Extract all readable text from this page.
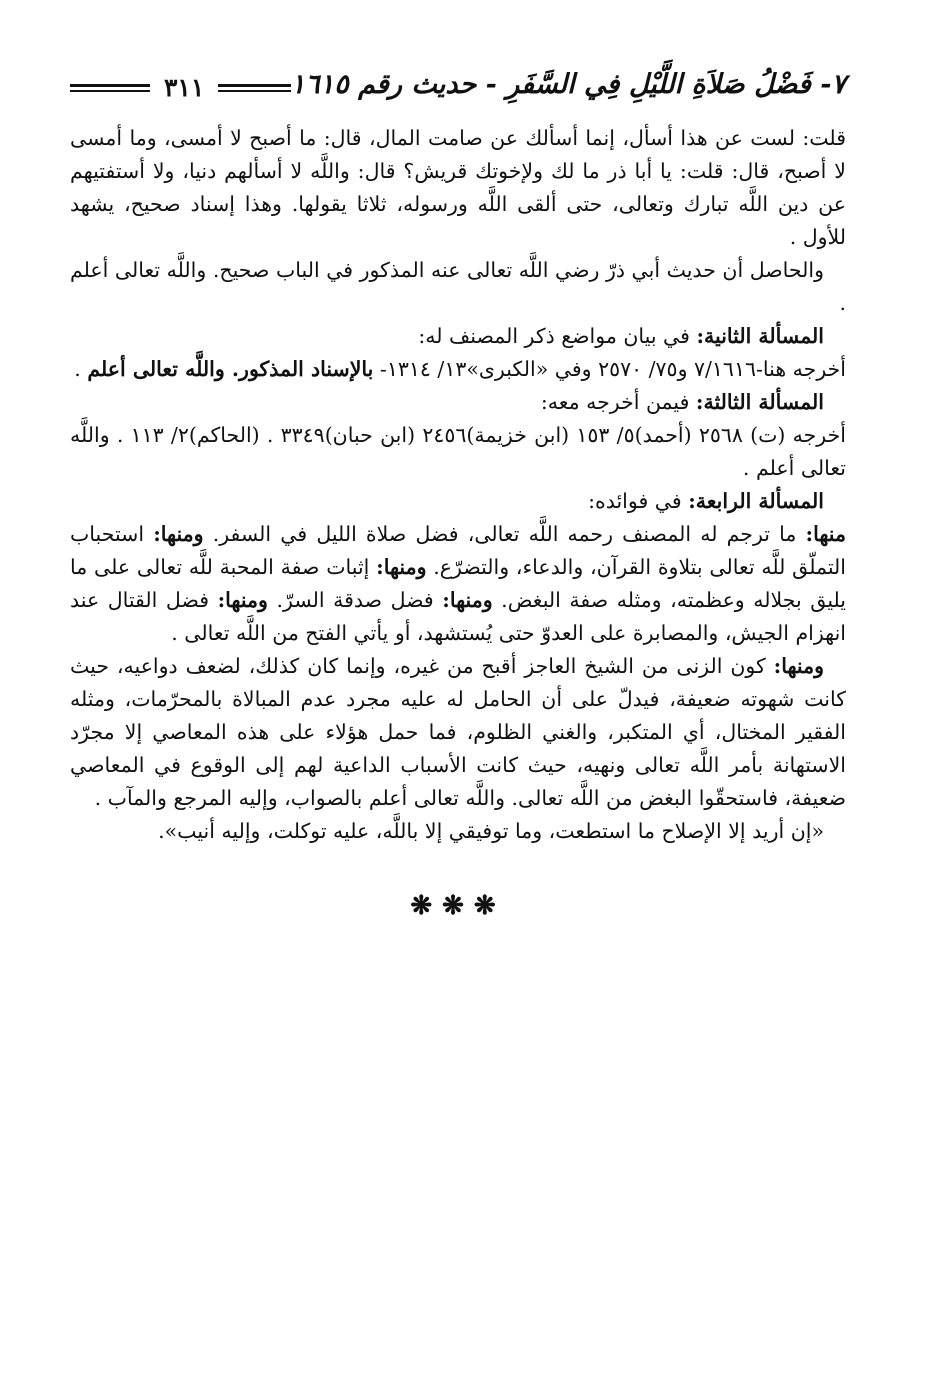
٧- فَضْلُ صَلاَةِ اللَّيْلِ فِي السَّفَرِ - حديث رقم ١٦١٥
٣١١

قلت: لست عن هذا أسأل، إنما أسألك عن صامت المال، قال: ما أصبح لا أمسى، وما أمسى لا أصبح، قال: قلت: يا أبا ذر ما لك ولإخوتك قريش؟ قال: واللَّه لا أسألهم دنيا، ولا أستفتيهم عن دين اللَّه تبارك وتعالى، حتى ألقى اللَّه ورسوله، ثلاثا يقولها. وهذا إسناد صحيح، يشهد للأول .

والحاصل أن حديث أبي ذرّ رضي اللَّه تعالى عنه المذكور في الباب صحيح. واللَّه تعالى أعلم .

المسألة الثانية: في بيان مواضع ذكر المصنف له:

أخرجه هنا-٧/١٦١٦ و٧٥/ ٢٥٧٠ وفي «الكبرى»١٣/ ١٣١٤- بالإسناد المذكور. واللَّه تعالى أعلم .

المسألة الثالثة: فيمن أخرجه معه:

أخرجه (ت) ٢٥٦٨ (أحمد)٥/ ١٥٣ (ابن خزيمة)٢٤٥٦ (ابن حبان)٣٣٤٩ . (الحاكم)٢/ ١١٣ . واللَّه تعالى أعلم .

المسألة الرابعة: في فوائده:

منها: ما ترجم له المصنف رحمه اللَّه تعالى، فضل صلاة الليل في السفر. ومنها: استحباب التملّق للَّه تعالى بتلاوة القرآن، والدعاء، والتضرّع. ومنها: إثبات صفة المحبة للَّه تعالى على ما يليق بجلاله وعظمته، ومثله صفة البغض. ومنها: فضل صدقة السرّ. ومنها: فضل القتال عند انهزام الجيش، والمصابرة على العدوّ حتى يُستشهد، أو يأتي الفتح من اللَّه تعالى .

ومنها: كون الزنى من الشيخ العاجز أقبح من غيره، وإنما كان كذلك، لضعف دواعيه، حيث كانت شهوته ضعيفة، فيدلّ على أن الحامل له عليه مجرد عدم المبالاة بالمحرّمات، ومثله الفقير المختال، أي المتكبر، والغني الظلوم، فما حمل هؤلاء على هذه المعاصي إلا مجرّد الاستهانة بأمر اللَّه تعالى ونهيه، حيث كانت الأسباب الداعية لهم إلى الوقوع في المعاصي ضعيفة، فاستحقّوا البغض من اللَّه تعالى. واللَّه تعالى أعلم بالصواب، وإليه المرجع والمآب .

«إن أريد إلا الإصلاح ما استطعت، وما توفيقي إلا باللَّه، عليه توكلت، وإليه أنيب».

❋❋❋
